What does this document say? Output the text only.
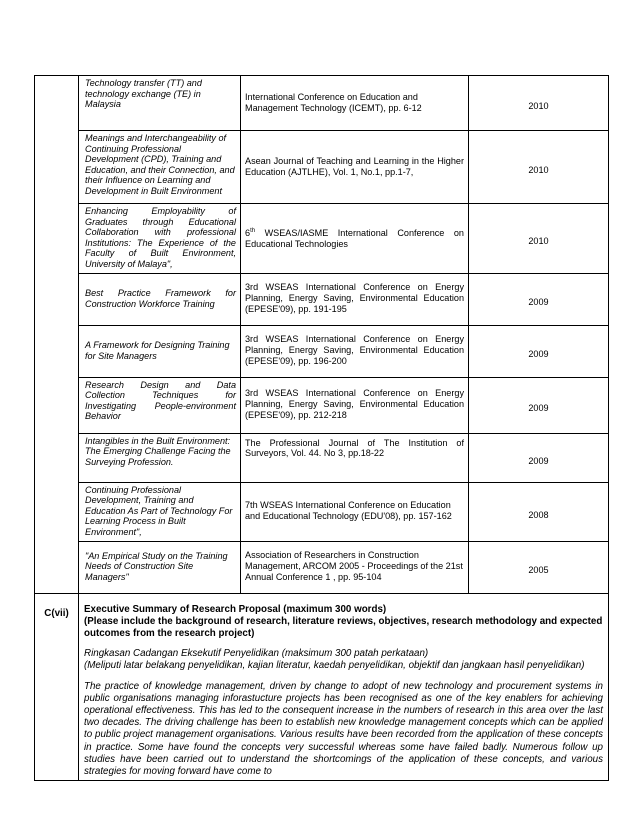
	Technology transfer (TT) and technology exchange (TE) in Malaysia	International Conference on Education and Management Technology (ICEMT), pp. 6-12	2010
	Meanings and Interchangeability of Continuing Professional Development (CPD), Training and Education, and their Connection, and their Influence on Learning and Development in Built Environment	Asean Journal of Teaching and Learning in the Higher Education (AJTLHE), Vol. 1, No.1, pp.1-7,	2010
	Enhancing Employability of Graduates through Educational Collaboration with professional Institutions: The Experience of the Faculty of Built Environment, University of Malaya",	6th WSEAS/IASME International Conference on Educational Technologies	2010
	Best Practice Framework for Construction Workforce Training	3rd WSEAS International Conference on Energy Planning, Energy Saving, Environmental Education (EPESE'09), pp. 191-195	2009
	A Framework for Designing Training for Site Managers	3rd WSEAS International Conference on Energy Planning, Energy Saving, Environmental Education (EPESE'09), pp. 196-200	2009
	Research Design and Data Collection Techniques for Investigating People-environment Behavior	3rd WSEAS International Conference on Energy Planning, Energy Saving, Environmental Education (EPESE'09), pp. 212-218	2009
	Intangibles in the Built Environment: The Emerging Challenge Facing the Surveying Profession.	The Professional Journal of The Institution of Surveyors, Vol. 44. No 3, pp.18-22	2009
	Continuing Professional Development, Training and Education As Part of Technology For Learning Process in Built Environment",	7th WSEAS International Conference on Education and Educational Technology (EDU'08), pp. 157-162	2008
	"An Empirical Study on the Training Needs of Construction Site Managers"	Association of Researchers in Construction Management, ARCOM 2005 - Proceedings of the 21st Annual Conference 1 , pp. 95-104	2005
C(vii)	Executive Summary of Research Proposal (maximum 300 words)

(Please include the background of research, literature reviews, objectives, research methodology and expected outcomes from the research project)

Ringkasan Cadangan Eksekutif Penyelidikan (maksimum 300 patah perkataan)

(Meliputi latar belakang penyelidikan, kajian literatur, kaedah penyelidikan, objektif dan jangkaan hasil penyelidikan)

The practice of knowledge management, driven by change to adopt of new technology and procurement systems in public organisations managing inforastucture projects has been recognised as one of the key enablers for achieving operational effectiveness. This has led to the consequent increase in the numbers of research in this area over the last two decades. The driving challenge has been to establish new knowledge management concepts which can be applied to public project management organisations. Various results have been recorded from the application of these concepts in practice. Some have found the concepts very successful whereas some have failed badly. Numerous follow up studies have been carried out to understand the shortcomings of the application of these concepts, and various strategies for moving forward have come to		
